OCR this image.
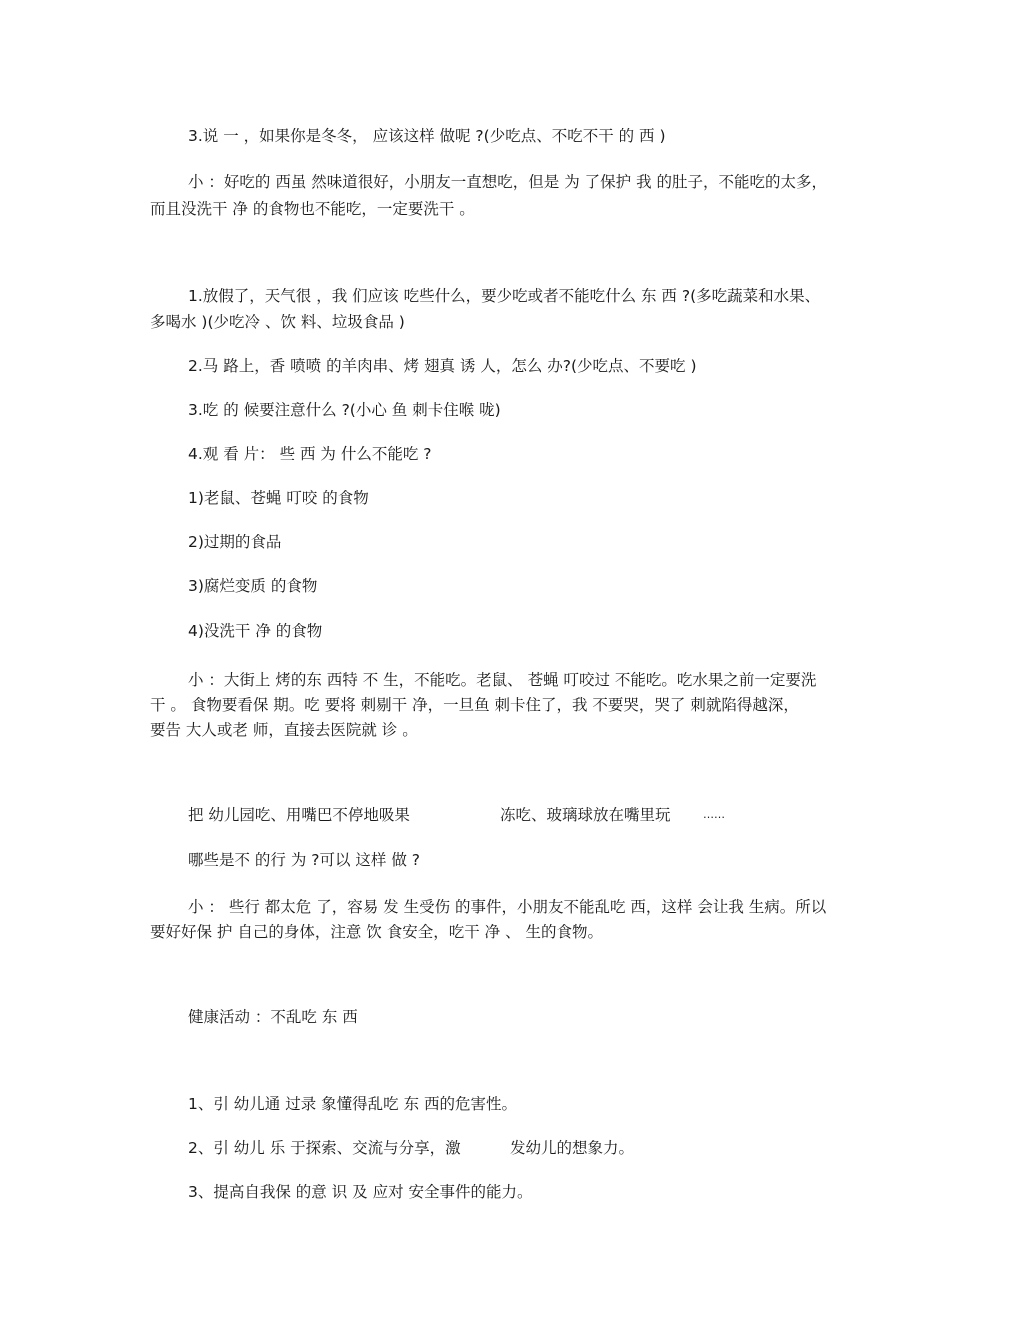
3.说 一 ，如果你是冬冬， 应该这样 做呢 ?(少吃点、不吃不干 的 西 )

小 ：好吃的 西虽 然味道很好，小朋友一直想吃，但是 为 了保护 我 的肚子，不能吃的太多，

而且没洗干 净 的食物也不能吃，一定要洗干 。

1.放假了，天气很 ，我 们应该 吃些什么，要少吃或者不能吃什么 东 西 ?(多吃蔬菜和水果、

多喝水 )(少吃冷 、饮 料、垃圾食品 )

2.马 路上，香 喷喷 的羊肉串、烤 翅真 诱 人，怎么 办?(少吃点、不要吃 )

3.吃 的 候要注意什么 ?(小心 鱼 刺卡住喉 咙)

4.观 看 片： 些 西 为 什么不能吃 ?

1)老鼠、苍蝇 叮咬 的食物

2)过期的食品

3)腐烂变质 的食物

4)没洗干 净 的食物

小 ：大街上 烤的东 西特 不 生，不能吃。老鼠、 苍蝇 叮咬过 不能吃。吃水果之前一定要洗

干 。 食物要看保 期。吃 要将 刺剔干 净，一旦鱼 刺卡住了，我 不要哭，哭了 刺就陷得越深，

要告 大人或老 师，直接去医院就 诊 。

把 幼儿园吃、用嘴巴不停地吸果	冻吃、玻璃球放在嘴里玩	……

哪些是不 的行 为 ?可以 这样 做 ?

小 ： 些行 都太危 了，容易 发 生受伤 的事件，小朋友不能乱吃 西，这样 会让我 生病。所以

要好好保 护 自己的身体，注意 饮 食安全，吃干 净 、 生的食物。

健康活动 ：不乱吃 东 西

1、引 幼儿通 过录 象懂得乱吃 东 西的危害性。

2、引 幼儿 乐 于探索、交流与分享，激	发幼儿的想象力。

3、提高自我保 的意 识 及 应对 安全事件的能力。
